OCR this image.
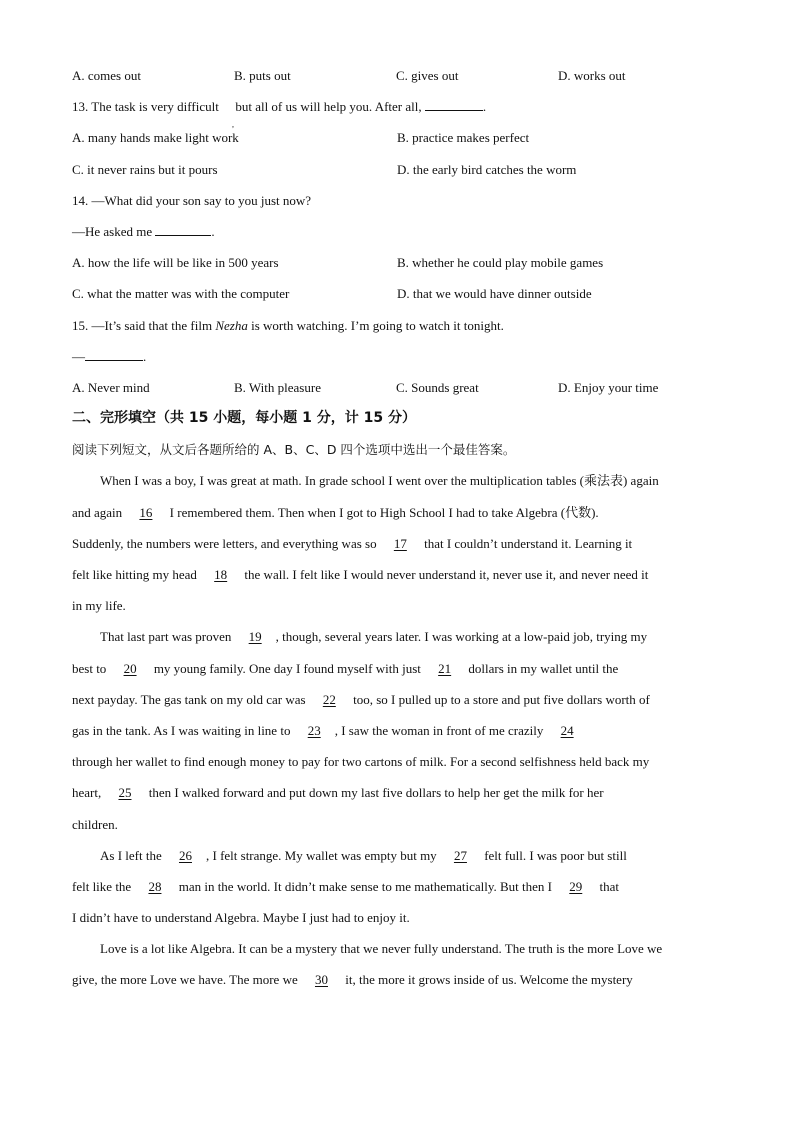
A. comes out	B. puts out	C. gives out	D. works out
13. The task is very difficult but all of us will help you. After all,	.
,
A. many hands make light work	B. practice makes perfect
C. it never rains but it pours	D. the early bird catches the worm
14. —What did your son say to you just now?
—He asked me	.
A. how the life will be like in 500 years	B. whether he could play mobile games
C. what the matter was with the computer	D. that we would have dinner outside
15. —It’s said that the film Nezha is worth watching. I’m going to watch it tonight.
—	.
A. Never mind	B. With pleasure	C. Sounds great	D. Enjoy your time
二、完形填空（共 15 小题，每小题 1 分，计 15 分）
阅读下列短文，从文后各题所给的 A、B、C、D 四个选项中选出一个最佳答案。
When I was a boy, I was great at math. In grade school I went over the multiplication tables (乘法表) again
and again 16 I remembered them. Then when I got to High School I had to take Algebra (代数).
Suddenly, the numbers were letters, and everything was so 17 that I couldn’t understand it. Learning it
felt like hitting my head 18 the wall. I felt like I would never understand it, never use it, and never need it
in my life.
That last part was proven 19 , though, several years later. I was working at a low-paid job, trying my
best to 20 my young family. One day I found myself with just 21 dollars in my wallet until the
next payday. The gas tank on my old car was 22 too, so I pulled up to a store and put five dollars worth of
gas in the tank. As I was waiting in line to 23 , I saw the woman in front of me crazily 24
through her wallet to find enough money to pay for two cartons of milk. For a second selfishness held back my
heart, 25 then I walked forward and put down my last five dollars to help her get the milk for her
children.
As I left the 26 , I felt strange. My wallet was empty but my 27 felt full. I was poor but still
felt like the 28 man in the world. It didn’t make sense to me mathematically. But then I 29 that
I didn’t have to understand Algebra. Maybe I just had to enjoy it.
Love is a lot like Algebra. It can be a mystery that we never fully understand. The truth is the more Love we
give, the more Love we have. The more we 30 it, the more it grows inside of us. Welcome the mystery
